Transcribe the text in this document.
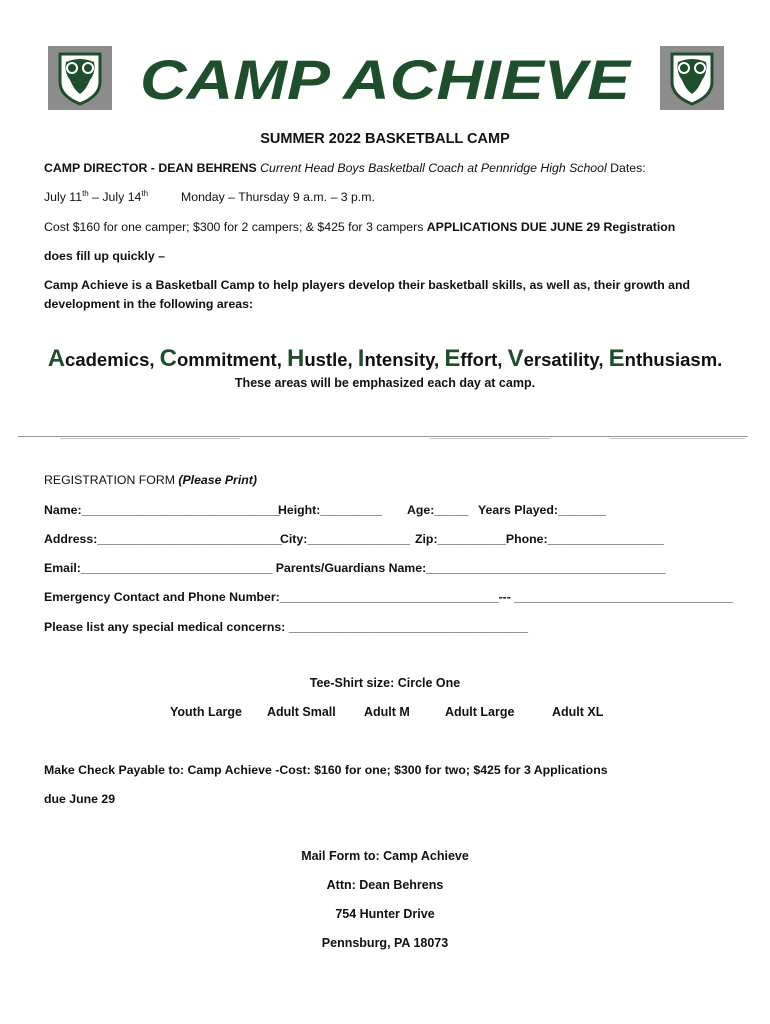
CAMP ACHIEVE
SUMMER 2022 BASKETBALL CAMP
CAMP DIRECTOR - DEAN BEHRENS Current Head Boys Basketball Coach at Pennridge High School Dates:
July 11th – July 14th	Monday – Thursday 9 a.m. – 3 p.m.
Cost $160 for one camper; $300 for 2 campers; & $425 for 3 campers APPLICATIONS DUE JUNE 29 Registration
does fill up quickly –
Camp Achieve is a Basketball Camp to help players develop their basketball skills, as well as, their growth and
development in the following areas:
Academics, Commitment, Hustle, Intensity, Effort, Versatility, Enthusiasm.
These areas will be emphasized each day at camp.
REGISTRATION FORM (Please Print)
Name:_____________________________
Height:_________ Age:_____ Years Played:_______
Address:___________________________
City:_______________ Zip:__________Phone:_________________
Email:____________________________ Parents/Guardians Name:___________________________________
Emergency Contact and Phone Number:________________________________--- ________________________________
Please list any special medical concerns: ___________________________________
Tee-Shirt size: Circle One
Youth Large Adult Small Adult M	Adult Large	Adult XL
Make Check Payable to: Camp Achieve -Cost: $160 for one; $300 for two; $425 for 3 Applications
due June 29
Mail Form to: Camp Achieve
Attn: Dean Behrens
754 Hunter Drive
Pennsburg, PA 18073
